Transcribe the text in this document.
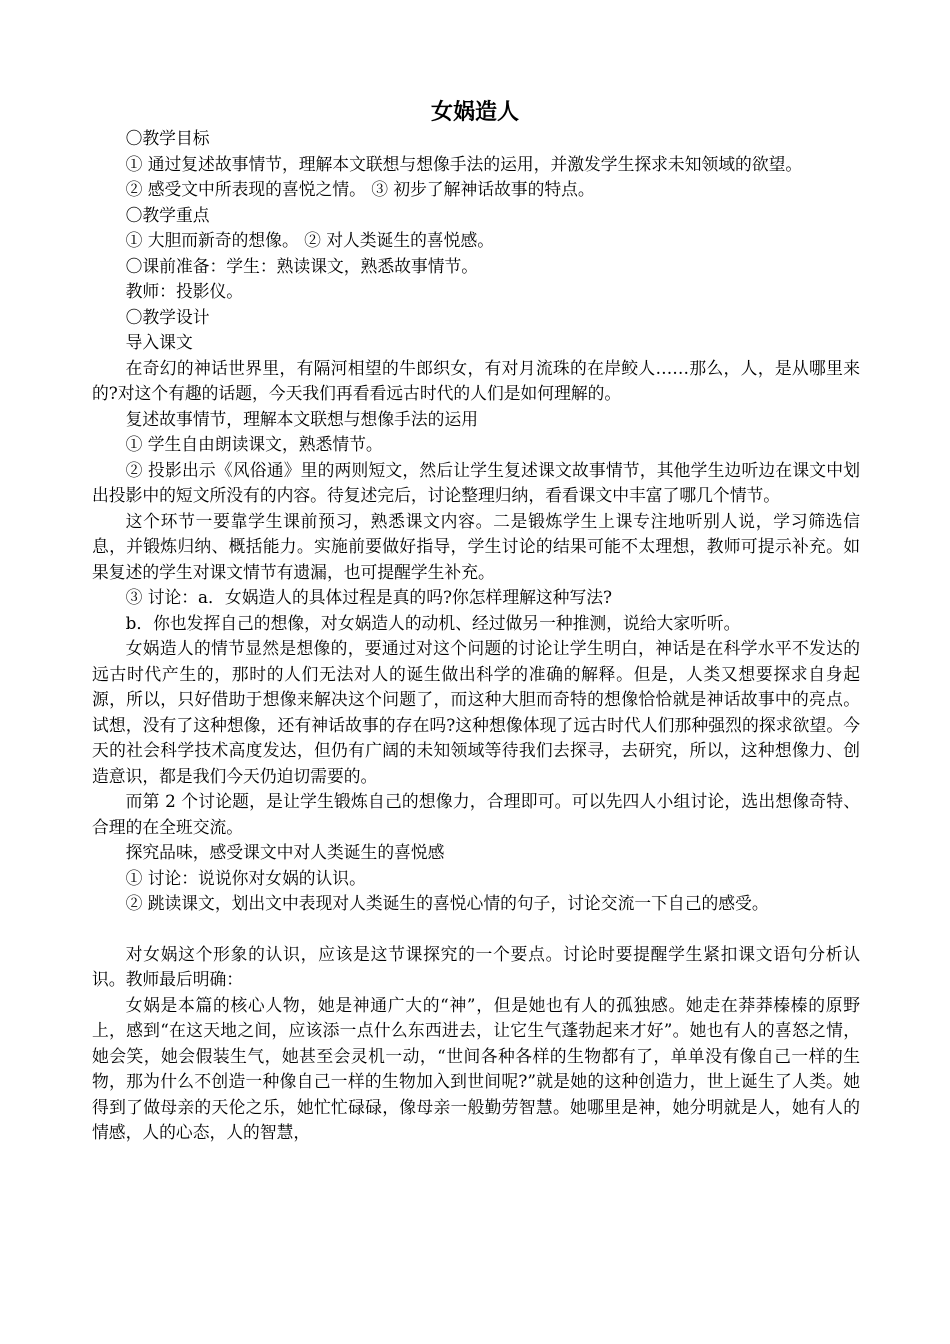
女娲造人

〇教学目标

① 通过复述故事情节，理解本文联想与想像手法的运用，并激发学生探求未知领域的欲望。

② 感受文中所表现的喜悦之情。 ③ 初步了解神话故事的特点。

〇教学重点

① 大胆而新奇的想像。 ② 对人类诞生的喜悦感。

〇课前准备：学生：熟读课文，熟悉故事情节。

教师：投影仪。

〇教学设计

导入课文

在奇幻的神话世界里，有隔河相望的牛郎织女，有对月流珠的在岸鲛人……那么，人，是从哪里来的?对这个有趣的话题，今天我们再看看远古时代的人们是如何理解的。

复述故事情节，理解本文联想与想像手法的运用

① 学生自由朗读课文，熟悉情节。

② 投影出示《风俗通》里的两则短文，然后让学生复述课文故事情节，其他学生边听边在课文中划出投影中的短文所没有的内容。待复述完后，讨论整理归纳，看看课文中丰富了哪几个情节。

这个环节一要靠学生课前预习，熟悉课文内容。二是锻炼学生上课专注地听别人说，学习筛选信息，并锻炼归纳、概括能力。实施前要做好指导，学生讨论的结果可能不太理想，教师可提示补充。如果复述的学生对课文情节有遗漏，也可提醒学生补充。

③ 讨论：a．女娲造人的具体过程是真的吗?你怎样理解这种写法?

b．你也发挥自己的想像，对女娲造人的动机、经过做另一种推测，说给大家听听。

女娲造人的情节显然是想像的，要通过对这个问题的讨论让学生明白，神话是在科学水平不发达的远古时代产生的，那时的人们无法对人的诞生做出科学的准确的解释。但是，人类又想要探求自身起源，所以，只好借助于想像来解决这个问题了，而这种大胆而奇特的想像恰恰就是神话故事中的亮点。试想，没有了这种想像，还有神话故事的存在吗?这种想像体现了远古时代人们那种强烈的探求欲望。今天的社会科学技术高度发达，但仍有广阔的未知领域等待我们去探寻，去研究，所以，这种想像力、创造意识，都是我们今天仍迫切需要的。

而第 2 个讨论题，是让学生锻炼自己的想像力，合理即可。可以先四人小组讨论，选出想像奇特、合理的在全班交流。

探究品味，感受课文中对人类诞生的喜悦感

① 讨论：说说你对女娲的认识。

② 跳读课文，划出文中表现对人类诞生的喜悦心情的句子，讨论交流一下自己的感受。

对女娲这个形象的认识，应该是这节课探究的一个要点。讨论时要提醒学生紧扣课文语句分析认识。教师最后明确：

女娲是本篇的核心人物，她是神通广大的“神”，但是她也有人的孤独感。她走在莽莽榛榛的原野上，感到“在这天地之间，应该添一点什么东西进去，让它生气蓬勃起来才好”。她也有人的喜怒之情，她会笑，她会假装生气，她甚至会灵机一动，“世间各种各样的生物都有了，单单没有像自己一样的生物，那为什么不创造一种像自己一样的生物加入到世间呢?”就是她的这种创造力，世上诞生了人类。她得到了做母亲的天伦之乐，她忙忙碌碌，像母亲一般勤劳智慧。她哪里是神，她分明就是人，她有人的情感，人的心态，人的智慧，
